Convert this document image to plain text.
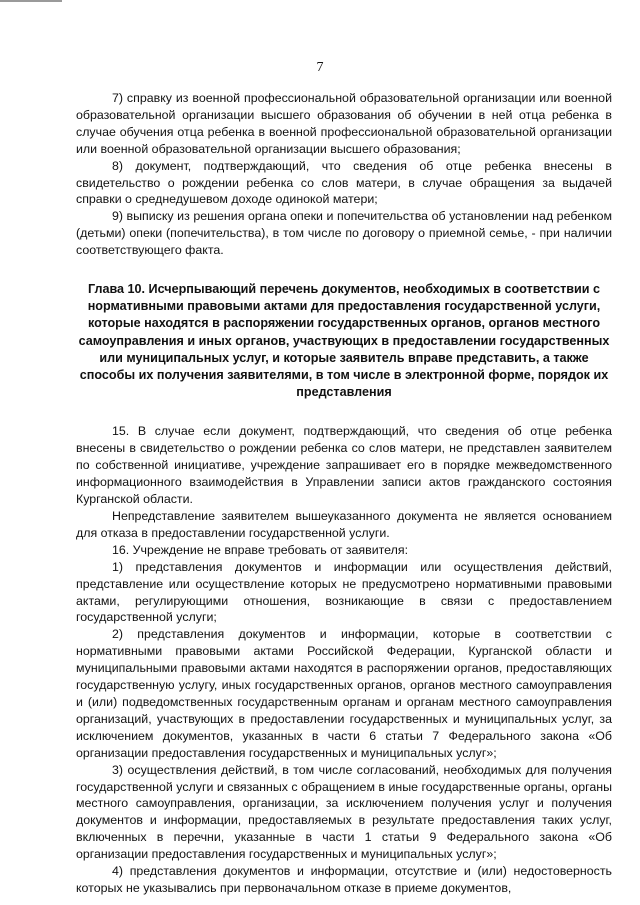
7

7) справку из военной профессиональной образовательной организации или военной образовательной организации высшего образования об обучении в ней отца ребенка в случае обучения отца ребенка в военной профессиональной образовательной организации или военной образовательной организации высшего образования;

8) документ, подтверждающий, что сведения об отце ребенка внесены в свидетельство о рождении ребенка со слов матери, в случае обращения за выдачей справки о среднедушевом доходе одинокой матери;

9) выписку из решения органа опеки и попечительства об установлении над ребенком (детьми) опеки (попечительства), в том числе по договору о приемной семье, - при наличии соответствующего факта.

Глава 10. Исчерпывающий перечень документов, необходимых в соответствии с нормативными правовыми актами для предоставления государственной услуги, которые находятся в распоряжении государственных органов, органов местного самоуправления и иных органов, участвующих в предоставлении государственных или муниципальных услуг, и которые заявитель вправе представить, а также способы их получения заявителями, в том числе в электронной форме, порядок их представления

15. В случае если документ, подтверждающий, что сведения об отце ребенка внесены в свидетельство о рождении ребенка со слов матери, не представлен заявителем по собственной инициативе, учреждение запрашивает его в порядке межведомственного информационного взаимодействия в Управлении записи актов гражданского состояния Курганской области.

Непредставление заявителем вышеуказанного документа не является основанием для отказа в предоставлении государственной услуги.

16. Учреждение не вправе требовать от заявителя:

1) представления документов и информации или осуществления действий, представление или осуществление которых не предусмотрено нормативными правовыми актами, регулирующими отношения, возникающие в связи с предоставлением государственной услуги;

2) представления документов и информации, которые в соответствии с нормативными правовыми актами Российской Федерации, Курганской области и муниципальными правовыми актами находятся в распоряжении органов, предоставляющих государственную услугу, иных государственных органов, органов местного самоуправления и (или) подведомственных государственным органам и органам местного самоуправления организаций, участвующих в предоставлении государственных и муниципальных услуг, за исключением документов, указанных в части 6 статьи 7 Федерального закона «Об организации предоставления государственных и муниципальных услуг»;

3) осуществления действий, в том числе согласований, необходимых для получения государственной услуги и связанных с обращением в иные государственные органы, органы местного самоуправления, организации, за исключением получения услуг и получения документов и информации, предоставляемых в результате предоставления таких услуг, включенных в перечни, указанные в части 1 статьи 9 Федерального закона «Об организации предоставления государственных и муниципальных услуг»;

4) представления документов и информации, отсутствие и (или) недостоверность которых не указывались при первоначальном отказе в приеме документов,
